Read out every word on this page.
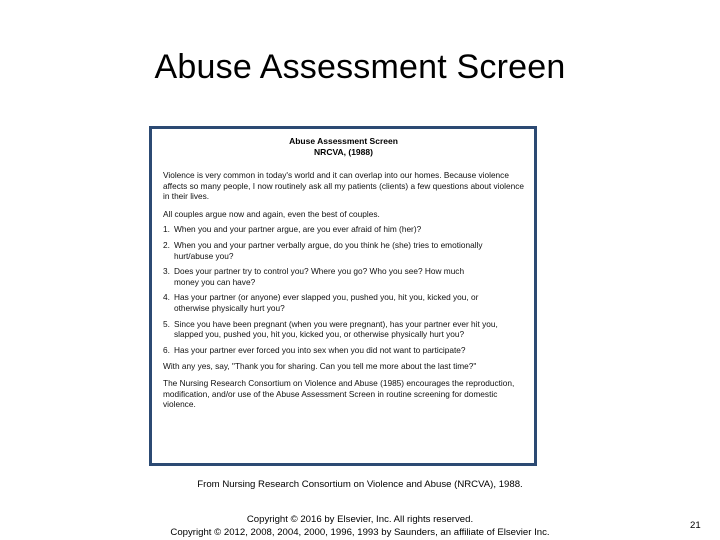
Abuse Assessment Screen
Abuse Assessment Screen
NRCVA, (1988)

Violence is very common in today's world and it can overlap into our homes. Because violence affects so many people, I now routinely ask all my patients (clients) a few questions about violence in their lives.

All couples argue now and again, even the best of couples.

1. When you and your partner argue, are you ever afraid of him (her)?
2. When you and your partner verbally argue, do you think he (she) tries to emotionally
hurt/abuse you?
3. Does your partner try to control you? Where you go? Who you see? How much
money you can have?
4. Has your partner (or anyone) ever slapped you, pushed you, hit you, kicked you, or
otherwise physically hurt you?
5. Since you have been pregnant (when you were pregnant), has your partner ever hit you,
slapped you, pushed you, hit you, kicked you, or otherwise physically hurt you?
6. Has your partner ever forced you into sex when you did not want to participate?

With any yes, say, "Thank you for sharing. Can you tell me more about the last time?"

The Nursing Research Consortium on Violence and Abuse (1985) encourages the reproduction, modification, and/or use of the Abuse Assessment Screen in routine screening for domestic violence.

From Nursing Research Consortium on Violence and Abuse (NRCVA), 1988.
Copyright © 2016 by Elsevier, Inc. All rights reserved.
Copyright © 2012, 2008, 2004, 2000, 1996, 1993 by Saunders, an affiliate of Elsevier Inc.
21
